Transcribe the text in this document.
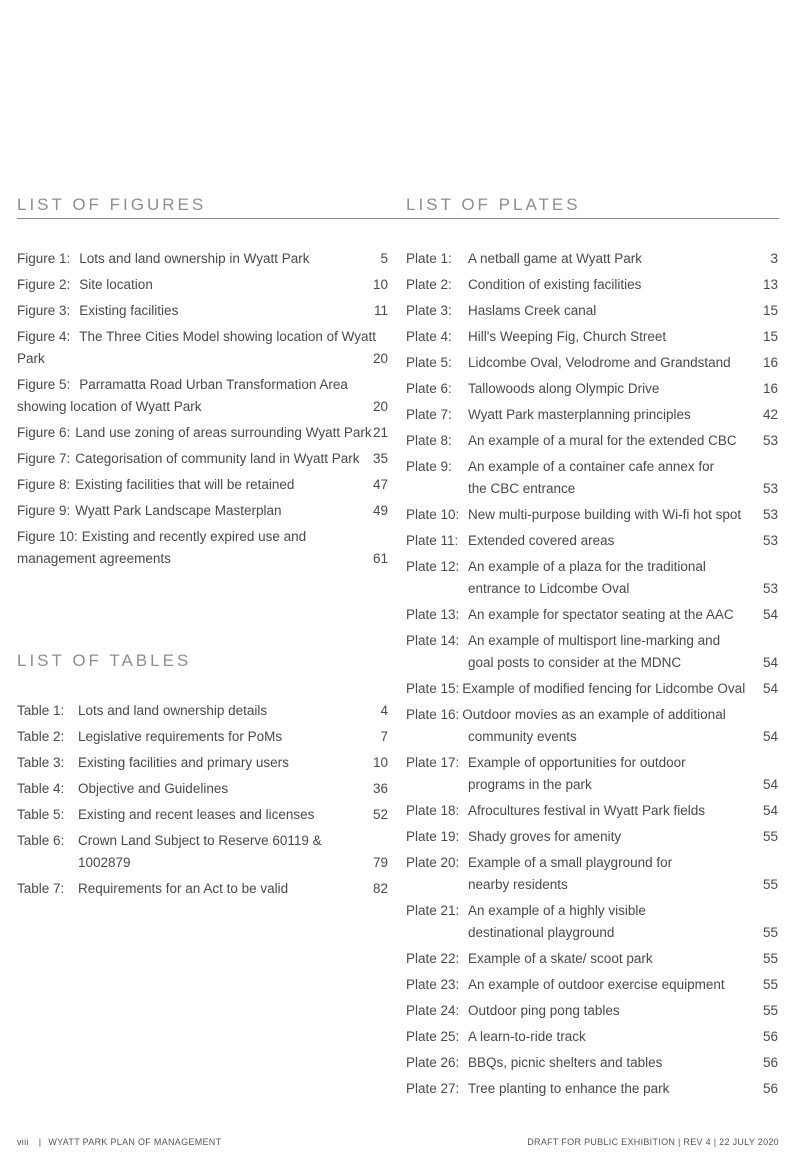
LIST OF FIGURES	LIST OF PLATES
LIST OF TABLES
Figure 1: Lots and land ownership in Wyatt Park	5
Figure 2: Site location	10
Figure 3: Existing facilities	11
Figure 4: The Three Cities Model showing location of Wyatt Park	20
Figure 5: Parramatta Road Urban Transformation Area showing location of Wyatt Park	20
Figure 6: Land use zoning of areas surrounding Wyatt Park 21
Figure 7: Categorisation of community land in Wyatt Park 35
Figure 8: Existing facilities that will be retained	47
Figure 9: Wyatt Park Landscape Masterplan	49
Figure 10: Existing and recently expired use and management agreements	61
Table 1: Lots and land ownership details	4
Table 2: Legislative requirements for PoMs	7
Table 3: Existing facilities and primary users	10
Table 4: Objective and Guidelines	36
Table 5: Existing and recent leases and licenses	52
Table 6: Crown Land Subject to Reserve 60119 & 1002879	79
Table 7: Requirements for an Act to be valid	82
Plate 1: A netball game at Wyatt Park	3
Plate 2: Condition of existing facilities	13
Plate 3: Haslams Creek canal	15
Plate 4: Hill's Weeping Fig, Church Street	15
Plate 5: Lidcombe Oval, Velodrome and Grandstand	16
Plate 6: Tallowoods along Olympic Drive	16
Plate 7: Wyatt Park masterplanning principles	42
Plate 8: An example of a mural for the extended CBC	53
Plate 9: An example of a container cafe annex for
the CBC entrance	53
Plate 10: New multi-purpose building with Wi-fi hot spot	53
Plate 11: Extended covered areas	53
Plate 12: An example of a plaza for the traditional
entrance to Lidcombe Oval	53
Plate 13: An example for spectator seating at the AAC	54
Plate 14: An example of multisport line-marking and
goal posts to consider at the MDNC	54
Plate 15: Example of modified fencing for Lidcombe Oval 54
Plate 16: Outdoor movies as an example of additional
community events	54
Plate 17: Example of opportunities for outdoor
programs in the park	54
Plate 18: Afrocultures festival in Wyatt Park fields	54
Plate 19: Shady groves for amenity	55
Plate 20: Example of a small playground for
nearby residents	55
Plate 21: An example of a highly visible
destinational playground	55
Plate 22: Example of a skate/ scoot park	55
Plate 23: An example of outdoor exercise equipment	55
Plate 24: Outdoor ping pong tables	55
Plate 25: A learn-to-ride track	56
Plate 26: BBQs, picnic shelters and tables	56
Plate 27: Tree planting to enhance the park	56
viii | WYATT PARK PLAN OF MANAGEMENT	DRAFT FOR PUBLIC EXHIBITION | REV 4 | 22 JULY 2020
